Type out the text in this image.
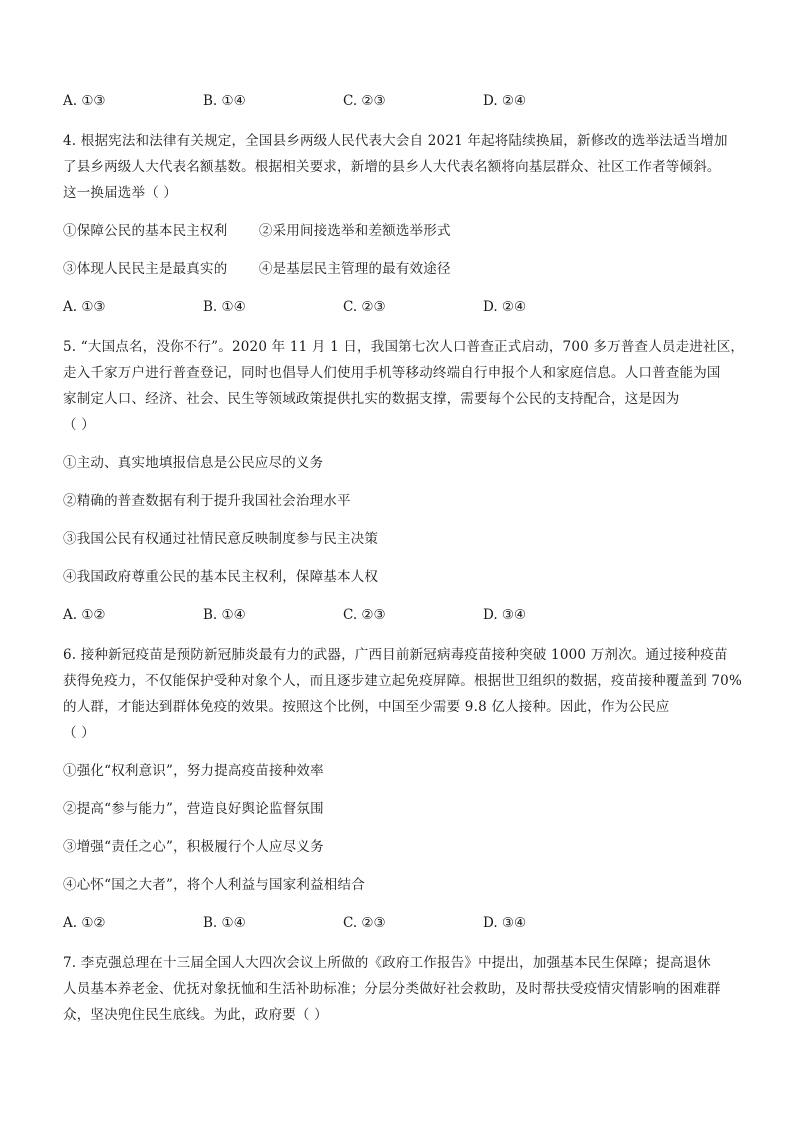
A. ①③	B. ①④	C. ②③	D. ②④
4. 根据宪法和法律有关规定，全国县乡两级人民代表大会自 2021 年起将陆续换届，新修改的选举法适当增加
了县乡两级人大代表名额基数。根据相关要求，新增的县乡人大代表名额将向基层群众、社区工作者等倾斜。
这一换届选举（ ）
①保障公民的基本民主权利       ②采用间接选举和差额选举形式
③体现人民民主是最真实的       ④是基层民主管理的最有效途径
A. ①③	B. ①④	C. ②③	D. ②④
5. “大国点名，没你不行”。2020 年 11 月 1 日，我国第七次人口普查正式启动，700 多万普查人员走进社区，
走入千家万户进行普查登记，同时也倡导人们使用手机等移动终端自行申报个人和家庭信息。人口普查能为国
家制定人口、经济、社会、民生等领域政策提供扎实的数据支撑，需要每个公民的支持配合，这是因为
（ ）
①主动、真实地填报信息是公民应尽的义务
②精确的普查数据有利于提升我国社会治理水平
③我国公民有权通过社情民意反映制度参与民主决策
④我国政府尊重公民的基本民主权利，保障基本人权
A. ①②	B. ①④	C. ②③	D. ③④
6. 接种新冠疫苗是预防新冠肺炎最有力的武器，广西目前新冠病毒疫苗接种突破 1000 万剂次。通过接种疫苗
获得免疫力，不仅能保护受种对象个人，而且逐步建立起免疫屏障。根据世卫组织的数据，疫苗接种覆盖到 70%
的人群，才能达到群体免疫的效果。按照这个比例，中国至少需要 9.8 亿人接种。因此，作为公民应
（ ）
①强化“权利意识”，努力提高疫苗接种效率
②提高“参与能力”，营造良好舆论监督氛围
③增强“责任之心”，积极履行个人应尽义务
④心怀“国之大者”，将个人利益与国家利益相结合
A. ①②	B. ①④	C. ②③	D. ③④
7. 李克强总理在十三届全国人大四次会议上所做的《政府工作报告》中提出，加强基本民生保障；提高退休
人员基本养老金、优抚对象抚恤和生活补助标准；分层分类做好社会救助，及时帮扶受疫情灾情影响的困难群
众，坚决兜住民生底线。为此，政府要（ ）
